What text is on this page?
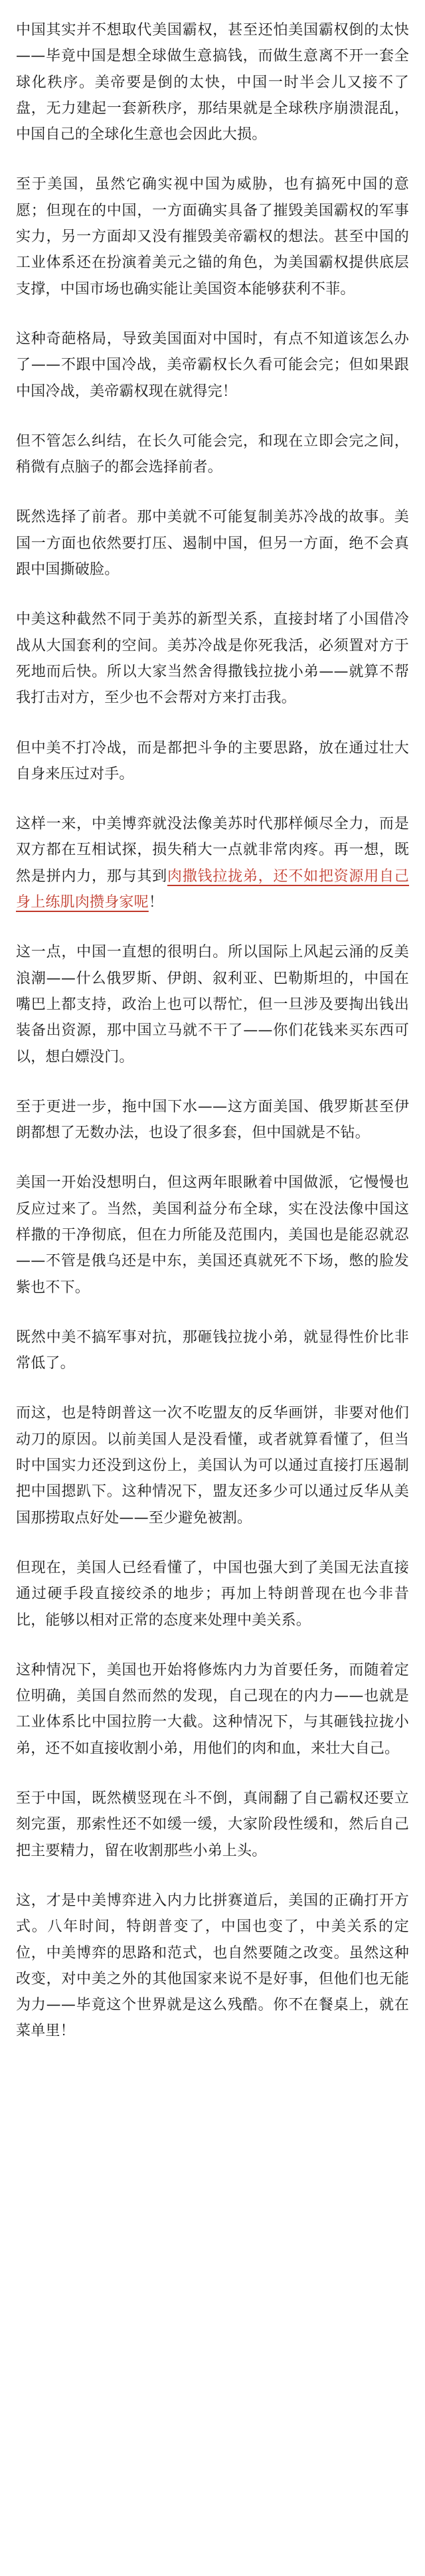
中国其实并不想取代美国霸权，甚至还怕美国霸权倒的太快——毕竟中国是想全球做生意搞钱，而做生意离不开一套全球化秩序。美帝要是倒的太快，中国一时半会儿又接不了盘，无力建起一套新秩序，那结果就是全球秩序崩溃混乱，中国自己的全球化生意也会因此大损。

至于美国，虽然它确实视中国为威胁，也有搞死中国的意愿；但现在的中国，一方面确实具备了摧毁美国霸权的军事实力，另一方面却又没有摧毁美帝霸权的想法。甚至中国的工业体系还在扮演着美元之锚的角色，为美国霸权提供底层支撑，中国市场也确实能让美国资本能够获利不菲。

这种奇葩格局，导致美国面对中国时，有点不知道该怎么办了——不跟中国冷战，美帝霸权长久看可能会完；但如果跟中国冷战，美帝霸权现在就得完！

但不管怎么纠结，在长久可能会完，和现在立即会完之间，稍微有点脑子的都会选择前者。

既然选择了前者。那中美就不可能复制美苏冷战的故事。美国一方面也依然要打压、遏制中国，但另一方面，绝不会真跟中国撕破脸。

中美这种截然不同于美苏的新型关系，直接封堵了小国借冷战从大国套利的空间。美苏冷战是你死我活，必须置对方于死地而后快。所以大家当然舍得撒钱拉拢小弟——就算不帮我打击对方，至少也不会帮对方来打击我。

但中美不打冷战，而是都把斗争的主要思路，放在通过壮大自身来压过对手。

这样一来，中美博弈就没法像美苏时代那样倾尽全力，而是双方都在互相试探，损失稍大一点就非常肉疼。再一想，既然是拼内力，那与其到肉撒钱拉拢弟，还不如把资源用自己身上练肌肉攒身家呢！

这一点，中国一直想的很明白。所以国际上风起云涌的反美浪潮——什么俄罗斯、伊朗、叙利亚、巴勒斯坦的，中国在嘴巴上都支持，政治上也可以帮忙，但一旦涉及要掏出钱出装备出资源，那中国立马就不干了——你们花钱来买东西可以，想白嫖没门。

至于更进一步，拖中国下水——这方面美国、俄罗斯甚至伊朗都想了无数办法，也设了很多套，但中国就是不钻。

美国一开始没想明白，但这两年眼瞅着中国做派，它慢慢也反应过来了。当然，美国利益分布全球，实在没法像中国这样撒的干净彻底，但在力所能及范围内，美国也是能忍就忍——不管是俄乌还是中东，美国还真就死不下场，憋的脸发紫也不下。

既然中美不搞军事对抗，那砸钱拉拢小弟，就显得性价比非常低了。

而这，也是特朗普这一次不吃盟友的反华画饼，非要对他们动刀的原因。以前美国人是没看懂，或者就算看懂了，但当时中国实力还没到这份上，美国认为可以通过直接打压遏制把中国摁趴下。这种情况下，盟友还多少可以通过反华从美国那捞取点好处——至少避免被割。

但现在，美国人已经看懂了，中国也强大到了美国无法直接通过硬手段直接绞杀的地步；再加上特朗普现在也今非昔比，能够以相对正常的态度来处理中美关系。

这种情况下，美国也开始将修炼内力为首要任务，而随着定位明确，美国自然而然的发现，自己现在的内力——也就是工业体系比中国拉胯一大截。这种情况下，与其砸钱拉拢小弟，还不如直接收割小弟，用他们的肉和血，来壮大自己。

至于中国，既然横竖现在斗不倒，真闹翻了自己霸权还要立刻完蛋，那索性还不如缓一缓，大家阶段性缓和，然后自己把主要精力，留在收割那些小弟上头。

这，才是中美博弈进入内力比拼赛道后，美国的正确打开方式。八年时间，特朗普变了，中国也变了，中美关系的定位，中美博弈的思路和范式，也自然要随之改变。虽然这种改变，对中美之外的其他国家来说不是好事，但他们也无能为力——毕竟这个世界就是这么残酷。你不在餐桌上，就在菜单里！
